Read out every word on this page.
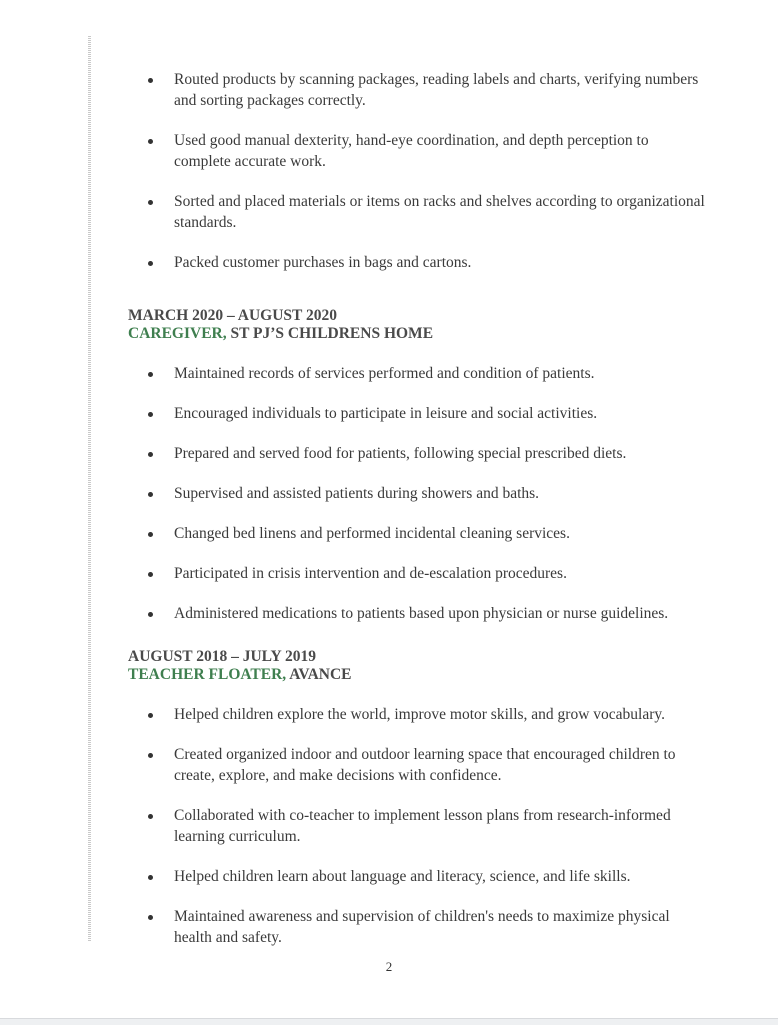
Routed products by scanning packages, reading labels and charts, verifying numbers and sorting packages correctly.
Used good manual dexterity, hand-eye coordination, and depth perception to complete accurate work.
Sorted and placed materials or items on racks and shelves according to organizational standards.
Packed customer purchases in bags and cartons.
MARCH 2020 – AUGUST 2020
CAREGIVER, ST PJ’S CHILDRENS HOME
Maintained records of services performed and condition of patients.
Encouraged individuals to participate in leisure and social activities.
Prepared and served food for patients, following special prescribed diets.
Supervised and assisted patients during showers and baths.
Changed bed linens and performed incidental cleaning services.
Participated in crisis intervention and de-escalation procedures.
Administered medications to patients based upon physician or nurse guidelines.
AUGUST 2018 – JULY 2019
TEACHER FLOATER, AVANCE
Helped children explore the world, improve motor skills, and grow vocabulary.
Created organized indoor and outdoor learning space that encouraged children to create, explore, and make decisions with confidence.
Collaborated with co-teacher to implement lesson plans from research-informed learning curriculum.
Helped children learn about language and literacy, science, and life skills.
Maintained awareness and supervision of children's needs to maximize physical health and safety.
2
